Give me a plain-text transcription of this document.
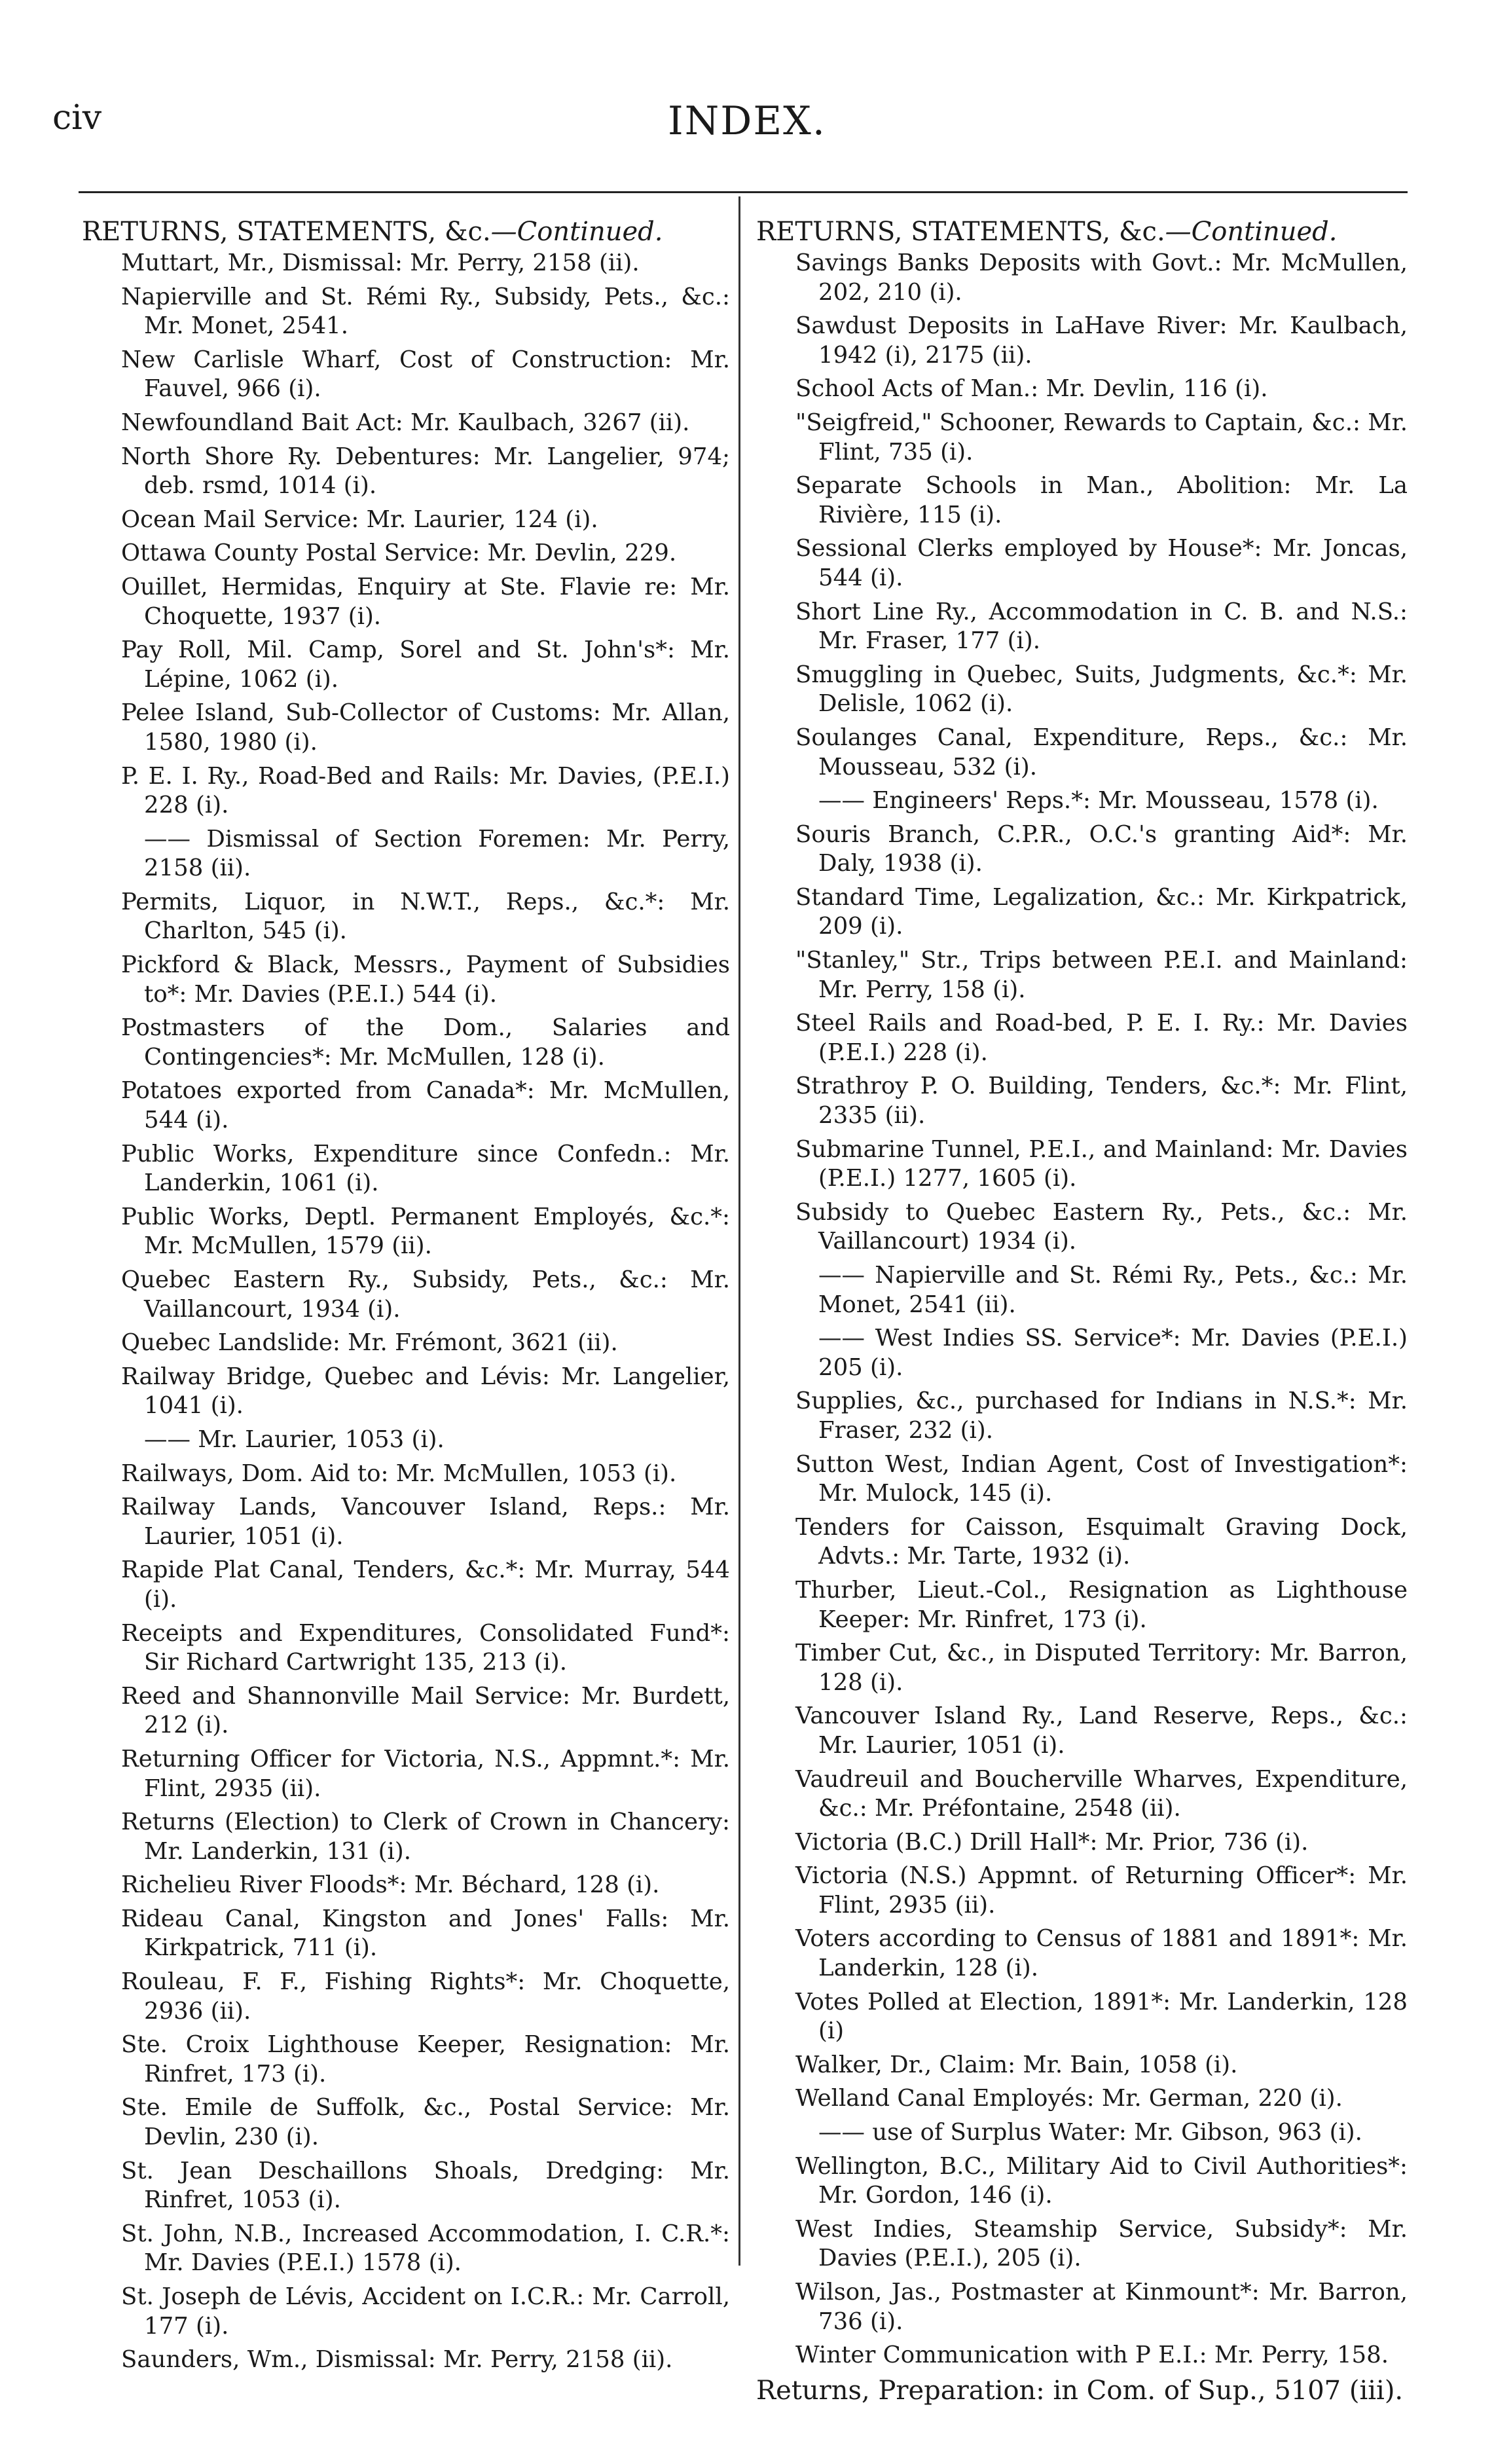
civ	INDEX.
RETURNS, STATEMENTS, &c.—Continued.
Muttart, Mr., Dismissal: Mr. Perry, 2158 (ii).
Napierville and St. Rémi Ry., Subsidy, Pets., &c.: Mr. Monet, 2541.
New Carlisle Wharf, Cost of Construction: Mr. Fauvel, 966 (i).
Newfoundland Bait Act: Mr. Kaulbach, 3267 (ii).
North Shore Ry. Debentures: Mr. Langelier, 974; deb. rsmd, 1014 (i).
Ocean Mail Service: Mr. Laurier, 124 (i).
Ottawa County Postal Service: Mr. Devlin, 229.
Ouillet, Hermidas, Enquiry at Ste. Flavie re: Mr. Choquette, 1937 (i).
Pay Roll, Mil. Camp, Sorel and St. John's*: Mr. Lépine, 1062 (i).
Pelee Island, Sub-Collector of Customs: Mr. Allan, 1580, 1980 (i).
P. E. I. Ry., Road-Bed and Rails: Mr. Davies, (P.E.I.) 228 (i).
—— Dismissal of Section Foremen: Mr. Perry, 2158 (ii).
Permits, Liquor, in N.W.T., Reps., &c.*: Mr. Charlton, 545 (i).
Pickford & Black, Messrs., Payment of Subsidies to*: Mr. Davies (P.E.I.) 544 (i).
Postmasters of the Dom., Salaries and Contingencies*: Mr. McMullen, 128 (i).
Potatoes exported from Canada*: Mr. McMullen, 544 (i).
Public Works, Expenditure since Confedn.: Mr. Landerkin, 1061 (i).
Public Works, Deptl. Permanent Employés, &c.*: Mr. McMullen, 1579 (ii).
Quebec Eastern Ry., Subsidy, Pets., &c.: Mr. Vaillancourt, 1934 (i).
Quebec Landslide: Mr. Frémont, 3621 (ii).
Railway Bridge, Quebec and Lévis: Mr. Langelier, 1041 (i).
—— Mr. Laurier, 1053 (i).
Railways, Dom. Aid to: Mr. McMullen, 1053 (i).
Railway Lands, Vancouver Island, Reps.: Mr. Laurier, 1051 (i).
Rapide Plat Canal, Tenders, &c.*: Mr. Murray, 544 (i).
Receipts and Expenditures, Consolidated Fund*: Sir Richard Cartwright 135, 213 (i).
Reed and Shannonville Mail Service: Mr. Burdett, 212 (i).
Returning Officer for Victoria, N.S., Appmnt.*: Mr. Flint, 2935 (ii).
Returns (Election) to Clerk of Crown in Chancery: Mr. Landerkin, 131 (i).
Richelieu River Floods*: Mr. Béchard, 128 (i).
Rideau Canal, Kingston and Jones' Falls: Mr. Kirkpatrick, 711 (i).
Rouleau, F. F., Fishing Rights*: Mr. Choquette, 2936 (ii).
Ste. Croix Lighthouse Keeper, Resignation: Mr. Rinfret, 173 (i).
Ste. Emile de Suffolk, &c., Postal Service: Mr. Devlin, 230 (i).
St. Jean Deschaillons Shoals, Dredging: Mr. Rinfret, 1053 (i).
St. John, N.B., Increased Accommodation, I. C.R.*: Mr. Davies (P.E.I.) 1578 (i).
St. Joseph de Lévis, Accident on I.C.R.: Mr. Carroll, 177 (i).
Saunders, Wm., Dismissal: Mr. Perry, 2158 (ii).
RETURNS, STATEMENTS, &c.—Continued.
Savings Banks Deposits with Govt.: Mr. McMullen, 202, 210 (i).
Sawdust Deposits in LaHave River: Mr. Kaulbach, 1942 (i), 2175 (ii).
School Acts of Man.: Mr. Devlin, 116 (i).
"Seigfreid," Schooner, Rewards to Captain, &c.: Mr. Flint, 735 (i).
Separate Schools in Man., Abolition: Mr. La Rivière, 115 (i).
Sessional Clerks employed by House*: Mr. Joncas, 544 (i).
Short Line Ry., Accommodation in C. B. and N.S.: Mr. Fraser, 177 (i).
Smuggling in Quebec, Suits, Judgments, &c.*: Mr. Delisle, 1062 (i).
Soulanges Canal, Expenditure, Reps., &c.: Mr. Mousseau, 532 (i).
—— Engineers' Reps.*: Mr. Mousseau, 1578 (i).
Souris Branch, C.P.R., O.C.'s granting Aid*: Mr. Daly, 1938 (i).
Standard Time, Legalization, &c.: Mr. Kirkpatrick, 209 (i).
"Stanley," Str., Trips between P.E.I. and Mainland: Mr. Perry, 158 (i).
Steel Rails and Road-bed, P. E. I. Ry.: Mr. Davies (P.E.I.) 228 (i).
Strathroy P. O. Building, Tenders, &c.*: Mr. Flint, 2335 (ii).
Submarine Tunnel, P.E.I., and Mainland: Mr. Davies (P.E.I.) 1277, 1605 (i).
Subsidy to Quebec Eastern Ry., Pets., &c.: Mr. Vaillancourt) 1934 (i).
—— Napierville and St. Rémi Ry., Pets., &c.: Mr. Monet, 2541 (ii).
—— West Indies SS. Service*: Mr. Davies (P.E.I.) 205 (i).
Supplies, &c., purchased for Indians in N.S.*: Mr. Fraser, 232 (i).
Sutton West, Indian Agent, Cost of Investigation*: Mr. Mulock, 145 (i).
Tenders for Caisson, Esquimalt Graving Dock, Advts.: Mr. Tarte, 1932 (i).
Thurber, Lieut.-Col., Resignation as Lighthouse Keeper: Mr. Rinfret, 173 (i).
Timber Cut, &c., in Disputed Territory: Mr. Barron, 128 (i).
Vancouver Island Ry., Land Reserve, Reps., &c.: Mr. Laurier, 1051 (i).
Vaudreuil and Boucherville Wharves, Expenditure, &c.: Mr. Préfontaine, 2548 (ii).
Victoria (B.C.) Drill Hall*: Mr. Prior, 736 (i).
Victoria (N.S.) Appmnt. of Returning Officer*: Mr. Flint, 2935 (ii).
Voters according to Census of 1881 and 1891*: Mr. Landerkin, 128 (i).
Votes Polled at Election, 1891*: Mr. Landerkin, 128 (i)
Walker, Dr., Claim: Mr. Bain, 1058 (i).
Welland Canal Employés: Mr. German, 220 (i).
—— use of Surplus Water: Mr. Gibson, 963 (i).
Wellington, B.C., Military Aid to Civil Authorities*: Mr. Gordon, 146 (i).
West Indies, Steamship Service, Subsidy*: Mr. Davies (P.E.I.), 205 (i).
Wilson, Jas., Postmaster at Kinmount*: Mr. Barron, 736 (i).
Winter Communication with P E.I.: Mr. Perry, 158.
Returns, Preparation: in Com. of Sup., 5107 (iii).
